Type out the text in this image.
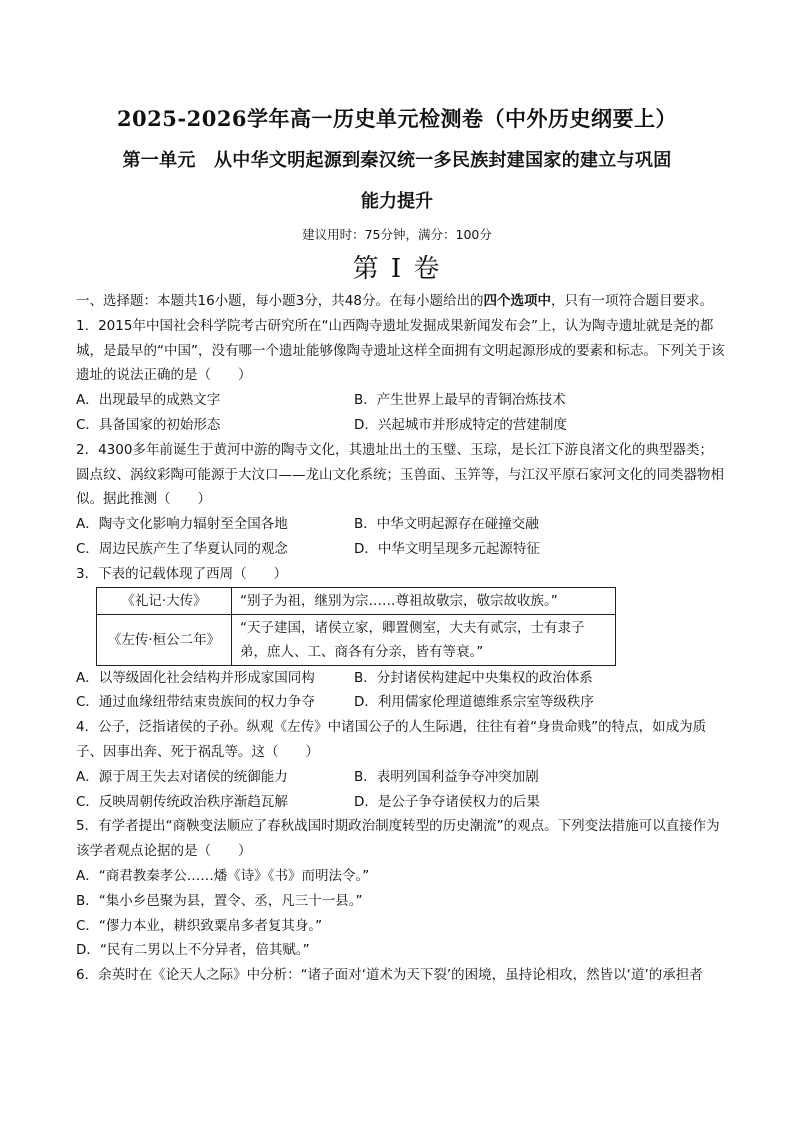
2025-2026学年高一历史单元检测卷（中外历史纲要上）
第一单元　从中华文明起源到秦汉统一多民族封建国家的建立与巩固
能力提升
建议用时：75分钟，满分：100分
第 I 卷

一、选择题：本题共16小题，每小题3分，共48分。在每小题给出的四个选项中，只有一项符合题目要求。

1．2015年中国社会科学院考古研究所在“山西陶寺遗址发掘成果新闻发布会”上，认为陶寺遗址就是尧的都城，是最早的“中国”，没有哪一个遗址能够像陶寺遗址这样全面拥有文明起源形成的要素和标志。下列关于该遗址的说法正确的是（　　）

A．出现最早的成熟文字	B．产生世界上最早的青铜冶炼技术
C．具备国家的初始形态	D．兴起城市并形成特定的营建制度

2．4300多年前诞生于黄河中游的陶寺文化，其遗址出土的玉璧、玉琮，是长江下游良渚文化的典型器类；圆点纹、涡纹彩陶可能源于大汶口——龙山文化系统；玉兽面、玉笄等，与江汉平原石家河文化的同类器物相似。据此推测（　　）

A．陶寺文化影响力辐射至全国各地	B．中华文明起源存在碰撞交融
C．周边民族产生了华夏认同的观念	D．中华文明呈现多元起源特征

3．下表的记载体现了西周（　　）

《礼记·大传》	“别子为祖，继别为宗……尊祖故敬宗，敬宗故收族。”
《左传·桓公二年》	“天子建国，诸侯立家，卿置侧室，大夫有贰宗，士有隶子弟，庶人、工、商各有分亲，皆有等衰。”
A．以等级固化社会结构并形成家国同构	B．分封诸侯构建起中央集权的政治体系
C．通过血缘纽带结束贵族间的权力争夺	D．利用儒家伦理道德维系宗室等级秩序

4．公子，泛指诸侯的子孙。纵观《左传》中诸国公子的人生际遇，往往有着“身贵命贱”的特点，如成为质子、因事出奔、死于祸乱等。这（　　）

A．源于周王失去对诸侯的统御能力	B．表明列国利益争夺冲突加剧
C．反映周朝传统政治秩序渐趋瓦解	D．是公子争夺诸侯权力的后果

5．有学者提出“商鞅变法顺应了春秋战国时期政治制度转型的历史潮流”的观点。下列变法措施可以直接作为该学者观点论据的是（　　）

A．“商君教秦孝公……燔《诗》《书》而明法令。”
B．“集小乡邑聚为县，置令、丞，凡三十一县。”
C．“僇力本业，耕织致粟帛多者复其身。”
D．“民有二男以上不分异者，倍其赋。”

6．余英时在《论天人之际》中分析：“诸子面对‘道术为天下裂’的困境，虽持论相攻，然皆以‘道’的承担者
